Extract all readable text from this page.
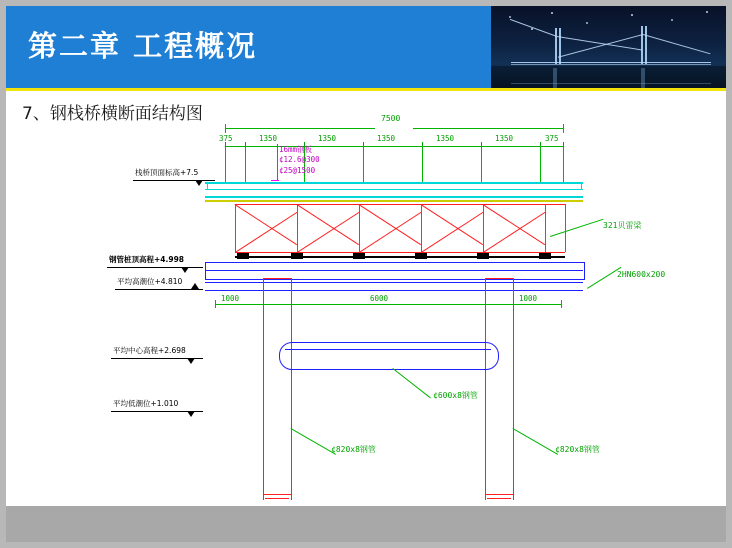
第二章 工程概况
7、钢栈桥横断面结构图	7500
375	1350	1350	1350	1350	1350	375
16mm钢板
¢12.6@300
¢25@1500
栈桥顶面标高+7.5
321贝雷梁
钢管桩顶高程+4.998
平均高潮位+4.810
2HN600x200
1000	6000	1000
¢600x8钢管
平均中心高程+2.698
平均低潮位+1.010
¢820x8钢管	¢820x8钢管
